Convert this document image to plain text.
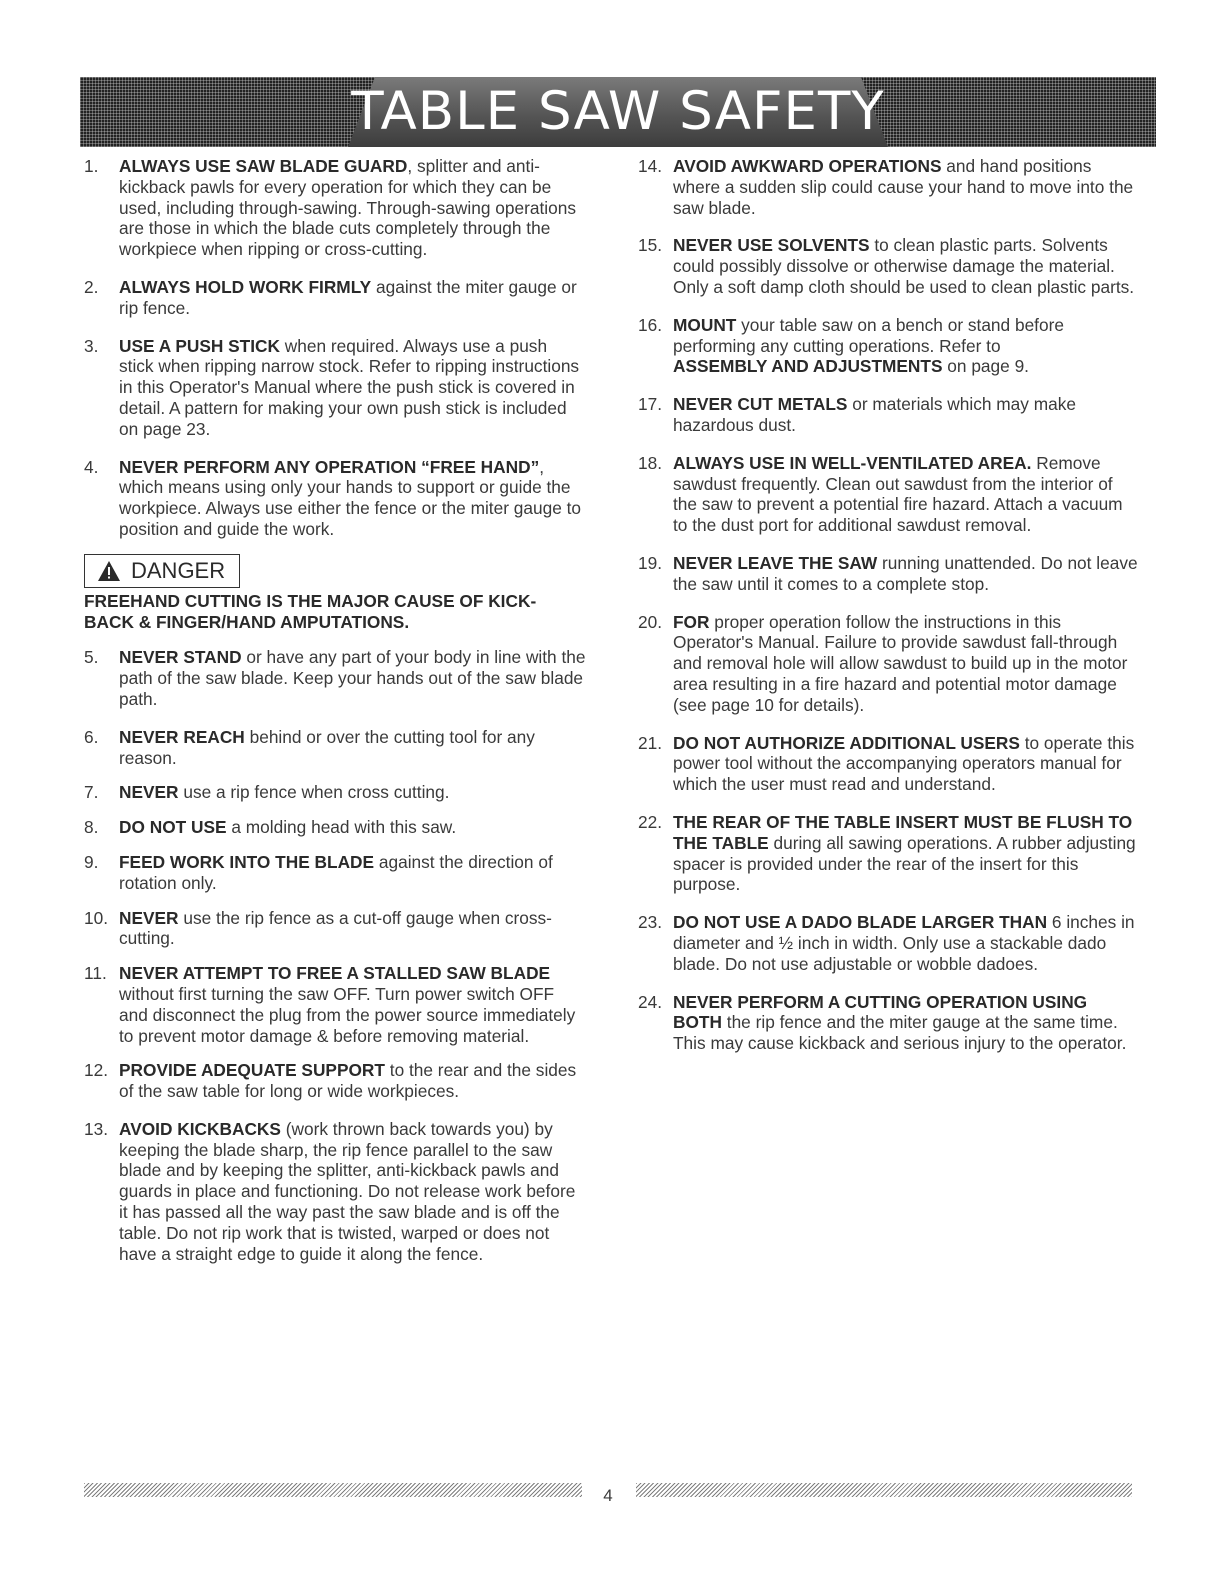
TABLE SAW SAFETY
1.	ALWAYS USE SAW BLADE GUARD, splitter and anti-kickback pawls for every operation for which they can be used, including through-sawing. Through-sawing operations are those in which the blade cuts completely through the workpiece when ripping or cross-cutting.
2.	ALWAYS HOLD WORK FIRMLY against the miter gauge or rip fence.
3.	USE A PUSH STICK when required. Always use a push stick when ripping narrow stock. Refer to ripping instructions in this Operator's Manual where the push stick is covered in detail. A pattern for making your own push stick is included on page 23.
4.	NEVER PERFORM ANY OPERATION “FREE HAND”, which means using only your hands to support or guide the workpiece. Always use either the fence or the miter gauge to position and guide the work.
DANGER
FREEHAND CUTTING IS THE MAJOR CAUSE OF KICK-BACK & FINGER/HAND AMPUTATIONS.
5.	NEVER STAND or have any part of your body in line with the path of the saw blade. Keep your hands out of the saw blade path.
6.	NEVER REACH behind or over the cutting tool for any reason.
7.	NEVER use a rip fence when cross cutting.
8.	DO NOT USE a molding head with this saw.
9.	FEED WORK INTO THE BLADE against the direction of rotation only.
10. NEVER use the rip fence as a cut-off gauge when cross-cutting.
11. NEVER ATTEMPT TO FREE A STALLED SAW BLADE without first turning the saw OFF. Turn power switch OFF and disconnect the plug from the power source immediately to prevent motor damage & before removing material.
12. PROVIDE ADEQUATE SUPPORT to the rear and the sides of the saw table for long or wide workpieces.
13. AVOID KICKBACKS (work thrown back towards you) by keeping the blade sharp, the rip fence parallel to the saw blade and by keeping the splitter, anti-kickback pawls and guards in place and functioning. Do not release work before it has passed all the way past the saw blade and is off the table. Do not rip work that is twisted, warped or does not have a straight edge to guide it along the fence.
14. AVOID AWKWARD OPERATIONS and hand positions where a sudden slip could cause your hand to move into the saw blade.
15. NEVER USE SOLVENTS to clean plastic parts. Solvents could possibly dissolve or otherwise damage the material. Only a soft damp cloth should be used to clean plastic parts.
16. MOUNT your table saw on a bench or stand before performing any cutting operations. Refer to
ASSEMBLY AND ADJUSTMENTS on page 9.
17. NEVER CUT METALS or materials which may make hazardous dust.
18. ALWAYS USE IN WELL-VENTILATED AREA. Remove sawdust frequently. Clean out sawdust from the interior of the saw to prevent a potential fire hazard. Attach a vacuum to the dust port for additional sawdust removal.
19. NEVER LEAVE THE SAW running unattended. Do not leave the saw until it comes to a complete stop.
20. FOR proper operation follow the instructions in this Operator's Manual. Failure to provide sawdust fall-through and removal hole will allow sawdust to build up in the motor area resulting in a fire hazard and potential motor damage (see page 10 for details).
21. DO NOT AUTHORIZE ADDITIONAL USERS to operate this power tool without the accompanying operators manual for which the user must read and understand.
22. THE REAR OF THE TABLE INSERT MUST BE FLUSH TO THE TABLE during all sawing operations. A rubber adjusting spacer is provided under the rear of the insert for this purpose.
23. DO NOT USE A DADO BLADE LARGER THAN 6 inches in diameter and ½ inch in width. Only use a stackable dado blade. Do not use adjustable or wobble dadoes.
24. NEVER PERFORM A CUTTING OPERATION USING BOTH the rip fence and the miter gauge at the same time. This may cause kickback and serious injury to the operator.
4
